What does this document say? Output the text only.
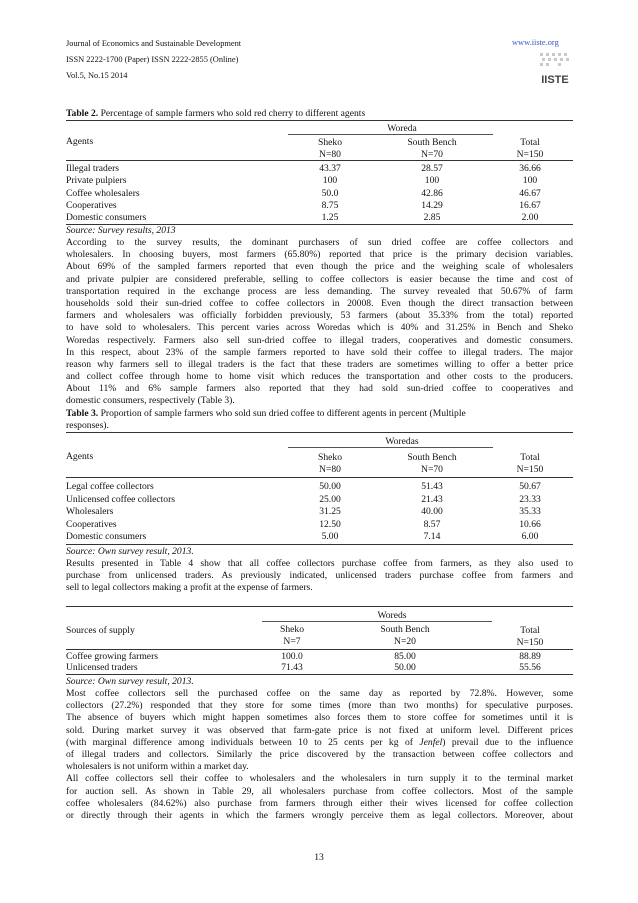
Journal of Economics and Sustainable Development
ISSN 2222-1700 (Paper) ISSN 2222-2855 (Online)
Vol.5, No.15 2014
www.iiste.org
IISTE
Table 2. Percentage of sample farmers who sold red cherry to different agents
Woreda
Agents	Sheko	South Bench	Total
N=80	N=70	N=150
Illegal traders	43.37	28.57	36.66
Private pulpiers	100	100	100
Coffee wholesalers	50.0	42.86	46.67
Cooperatives	8.75	14.29	16.67
Domestic consumers	1.25	2.85	2.00
Source: Survey results, 2013
According to the survey results, the dominant purchasers of sun dried coffee are coffee collectors and
wholesalers. In choosing buyers, most farmers (65.80%) reported that price is the primary decision variables.
About 69% of the sampled farmers reported that even though the price and the weighing scale of wholesalers
and private pulpier are considered preferable, selling to coffee collectors is easier because the time and cost of
transportation required in the exchange process are less demanding. The survey revealed that 50.67% of farm
households sold their sun-dried coffee to coffee collectors in 20008. Even though the direct transaction between
farmers and wholesalers was officially forbidden previously, 53 farmers (about 35.33% from the total) reported
to have sold to wholesalers. This percent varies across Woredas which is 40% and 31.25% in Bench and Sheko
Woredas respectively. Farmers also sell sun-dried coffee to illegal traders, cooperatives and domestic consumers.
In this respect, about 23% of the sample farmers reported to have sold their coffee to illegal traders. The major
reason why farmers sell to illegal traders is the fact that these traders are sometimes willing to offer a better price
and collect coffee through home to home visit which reduces the transportation and other costs to the producers.
About 11% and 6% sample farmers also reported that they had sold sun-dried coffee to cooperatives and
domestic consumers, respectively (Table 3).
Table 3. Proportion of sample farmers who sold sun dried coffee to different agents in percent (Multiple
responses).
Woredas
Agents	Sheko	South Bench	Total
N=80	N=70	N=150
Legal coffee collectors	50.00	51.43	50.67
Unlicensed coffee collectors	25.00	21.43	23.33
Wholesalers	31.25	40.00	35.33
Cooperatives	12.50	8.57	10.66
Domestic consumers	5.00	7.14	6.00
Source: Own survey result, 2013.
Results presented in Table 4 show that all coffee collectors purchase coffee from farmers, as they also used to
purchase from unlicensed traders. As previously indicated, unlicensed traders purchase coffee from farmers and
sell to legal collectors making a profit at the expense of farmers.
Woreds
Sources of supply	Sheko	South Bench	Total
N=7	N=20	N=150
Coffee growing farmers	100.0	85.00	88.89
Unlicensed traders	71.43	50.00	55.56
Source: Own survey result, 2013.
Most coffee collectors sell the purchased coffee on the same day as reported by 72.8%. However, some
collectors (27.2%) responded that they store for some times (more than two months) for speculative purposes.
The absence of buyers which might happen sometimes also forces them to store coffee for sometimes until it is
sold. During market survey it was observed that farm-gate price is not fixed at uniform level. Different prices
(with marginal difference among individuals between 10 to 25 cents per kg of Jenfel) prevail due to the influence
of illegal traders and collectors. Similarly the price discovered by the transaction between coffee collectors and
wholesalers is not uniform within a market day.
All coffee collectors sell their coffee to wholesalers and the wholesalers in turn supply it to the terminal market
for auction sell. As shown in Table 29, all wholesalers purchase from coffee collectors. Most of the sample
coffee wholesalers (84.62%) also purchase from farmers through either their wives licensed for coffee collection
or directly through their agents in which the farmers wrongly perceive them as legal collectors. Moreover, about
13
